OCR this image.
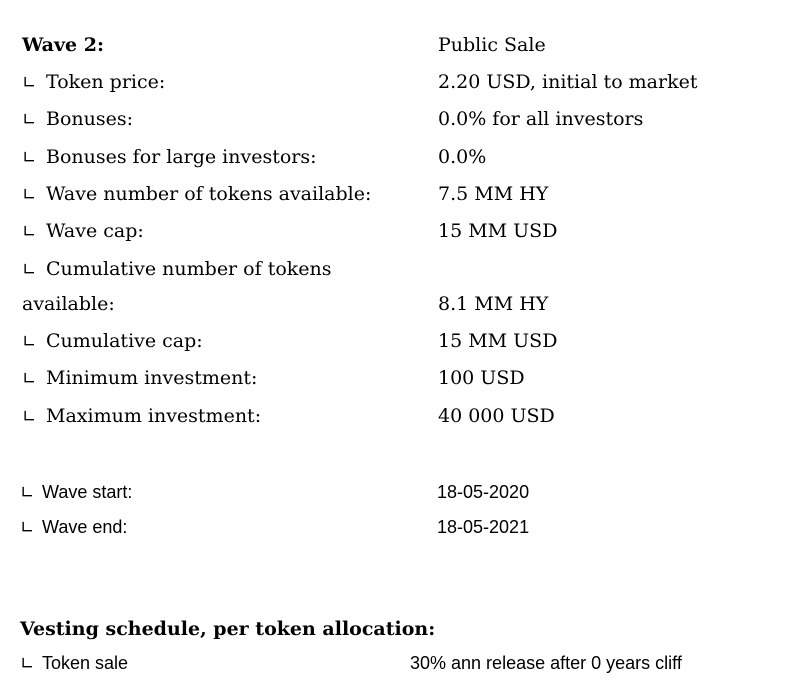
Wave 2:	Public Sale
∟ Token price:	2.20 USD, initial to market
∟ Bonuses:	0.0% for all investors
∟ Bonuses for large investors:	0.0%
∟ Wave number of tokens available:	7.5 MM HY
∟ Wave cap:	15 MM USD
∟ Cumulative number of tokens
available:	8.1 MM HY
∟ Cumulative cap:	15 MM USD
∟ Minimum investment:	100 USD
∟ Maximum investment:	40 000 USD
∟ Wave start:	18-05-2020
∟ Wave end:	18-05-2021
Vesting schedule, per token allocation:
∟ Token sale	30% ann release after 0 years cliff
